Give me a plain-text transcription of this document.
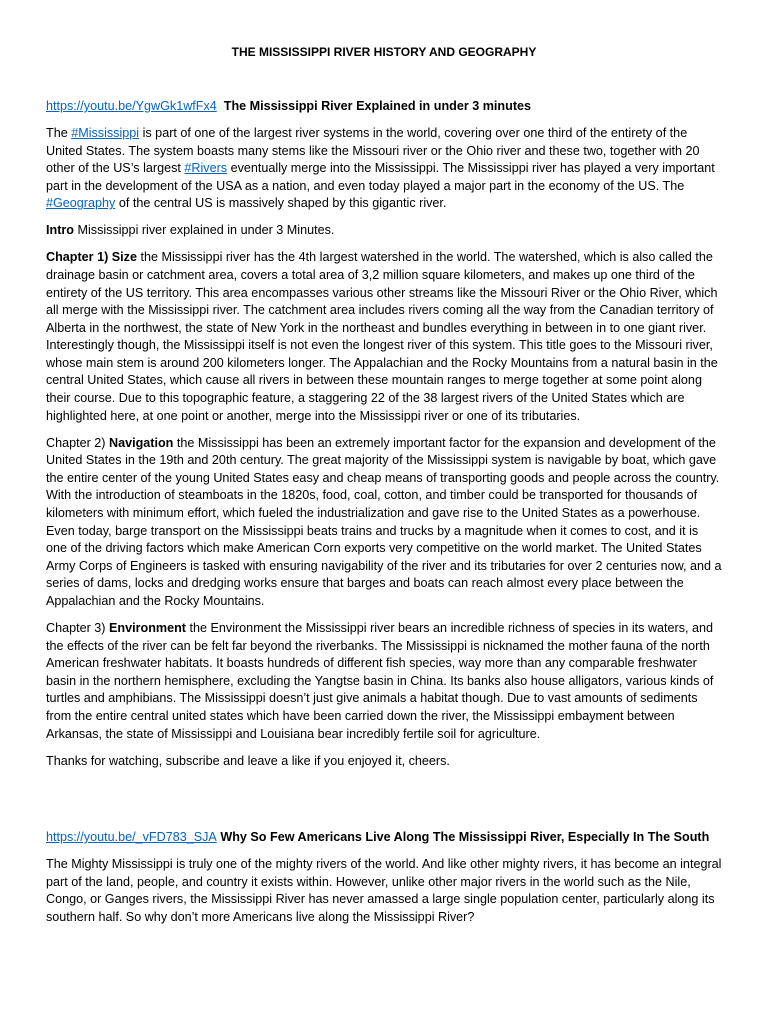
THE MISSISSIPPI RIVER HISTORY AND GEOGRAPHY

https://youtu.be/YgwGk1wfFx4 The Mississippi River Explained in under 3 minutes

The #Mississippi is part of one of the largest river systems in the world, covering over one third of the entirety of the United States. The system boasts many stems like the Missouri river or the Ohio river and these two, together with 20 other of the US’s largest #Rivers eventually merge into the Mississippi. The Mississippi river has played a very important part in the development of the USA as a nation, and even today played a major part in the economy of the US. The #Geography of the central US is massively shaped by this gigantic river.

Intro Mississippi river explained in under 3 Minutes.

Chapter 1) Size the Mississippi river has the 4th largest watershed in the world. The watershed, which is also called the drainage basin or catchment area, covers a total area of 3,2 million square kilometers, and makes up one third of the entirety of the US territory. This area encompasses various other streams like the Missouri River or the Ohio River, which all merge with the Mississippi river. The catchment area includes rivers coming all the way from the Canadian territory of Alberta in the northwest, the state of New York in the northeast and bundles everything in between in to one giant river. Interestingly though, the Mississippi itself is not even the longest river of this system. This title goes to the Missouri river, whose main stem is around 200 kilometers longer. The Appalachian and the Rocky Mountains from a natural basin in the central United States, which cause all rivers in between these mountain ranges to merge together at some point along their course. Due to this topographic feature, a staggering 22 of the 38 largest rivers of the United States which are highlighted here, at one point or another, merge into the Mississippi river or one of its tributaries.

Chapter 2) Navigation the Mississippi has been an extremely important factor for the expansion and development of the United States in the 19th and 20th century. The great majority of the Mississippi system is navigable by boat, which gave the entire center of the young United States easy and cheap means of transporting goods and people across the country. With the introduction of steamboats in the 1820s, food, coal, cotton, and timber could be transported for thousands of kilometers with minimum effort, which fueled the industrialization and gave rise to the United States as a powerhouse. Even today, barge transport on the Mississippi beats trains and trucks by a magnitude when it comes to cost, and it is one of the driving factors which make American Corn exports very competitive on the world market. The United States Army Corps of Engineers is tasked with ensuring navigability of the river and its tributaries for over 2 centuries now, and a series of dams, locks and dredging works ensure that barges and boats can reach almost every place between the Appalachian and the Rocky Mountains.

Chapter 3) Environment the Environment the Mississippi river bears an incredible richness of species in its waters, and the effects of the river can be felt far beyond the riverbanks. The Mississippi is nicknamed the mother fauna of the north American freshwater habitats. It boasts hundreds of different fish species, way more than any comparable freshwater basin in the northern hemisphere, excluding the Yangtse basin in China. Its banks also house alligators, various kinds of turtles and amphibians. The Mississippi doesn’t just give animals a habitat though. Due to vast amounts of sediments from the entire central united states which have been carried down the river, the Mississippi embayment between Arkansas, the state of Mississippi and Louisiana bear incredibly fertile soil for agriculture.

Thanks for watching, subscribe and leave a like if you enjoyed it, cheers.

https://youtu.be/_vFD783_SJA Why So Few Americans Live Along The Mississippi River, Especially In The South

The Mighty Mississippi is truly one of the mighty rivers of the world. And like other mighty rivers, it has become an integral part of the land, people, and country it exists within. However, unlike other major rivers in the world such as the Nile, Congo, or Ganges rivers, the Mississippi River has never amassed a large single population center, particularly along its southern half. So why don’t more Americans live along the Mississippi River?
